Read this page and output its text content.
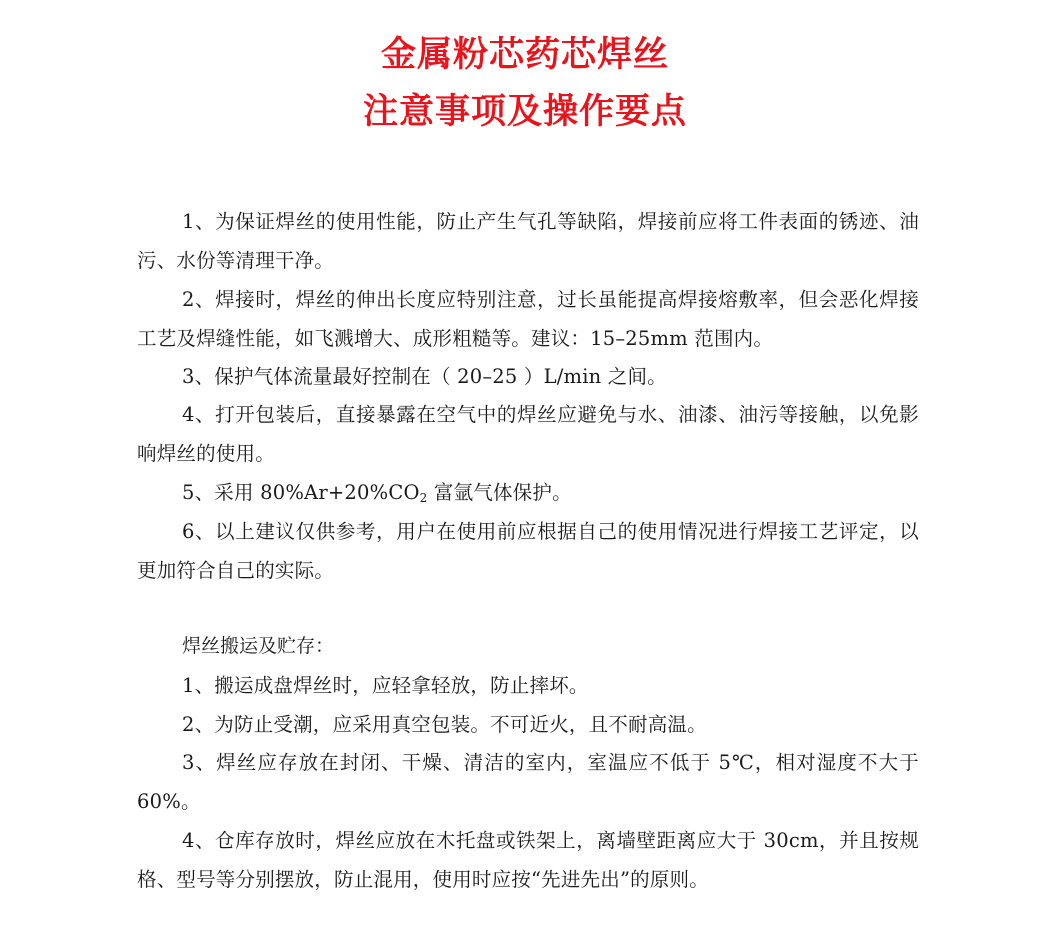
金属粉芯药芯焊丝
注意事项及操作要点

1、为保证焊丝的使用性能，防止产生气孔等缺陷，焊接前应将工件表面的锈迹、油污、水份等清理干净。

2、焊接时，焊丝的伸出长度应特别注意，过长虽能提高焊接熔敷率，但会恶化焊接工艺及焊缝性能，如飞溅增大、成形粗糙等。建议：15–25mm 范围内。

3、保护气体流量最好控制在（ 20–25 ）L/min 之间。

4、打开包装后，直接暴露在空气中的焊丝应避免与水、油漆、油污等接触，以免影响焊丝的使用。

5、采用 $80\%Ar+20\%CO_2$ 富氩气体保护。

6、以上建议仅供参考，用户在使用前应根据自己的使用情况进行焊接工艺评定，以更加符合自己的实际。

焊丝搬运及贮存：

1、搬运成盘焊丝时，应轻拿轻放，防止摔坏。

2、为防止受潮，应采用真空包装。不可近火，且不耐高温。

3、焊丝应存放在封闭、干燥、清洁的室内，室温应不低于 5℃，相对湿度不大于 60%。

4、仓库存放时，焊丝应放在木托盘或铁架上，离墙壁距离应大于 30cm，并且按规格、型号等分别摆放，防止混用，使用时应按“先进先出”的原则。
